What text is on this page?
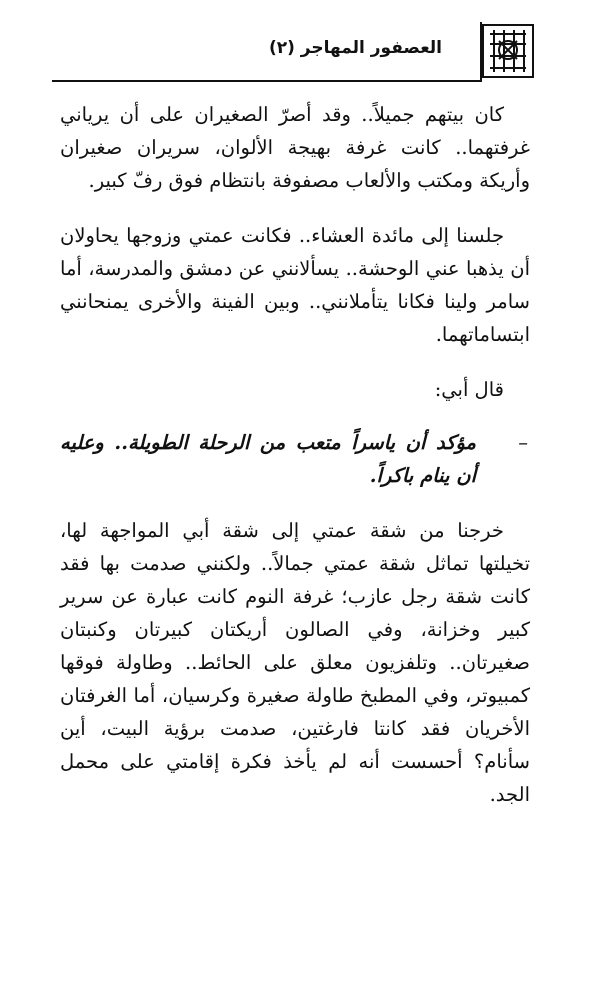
العصفور المهاجر (٢)

كان بيتهم جميلاً.. وقد أصرّ الصغيران على أن يرياني غرفتهما.. كانت غرفة بهيجة الألوان، سريران صغيران وأريكة ومكتب والألعاب مصفوفة بانتظام فوق رفّ كبير.

جلسنا إلى مائدة العشاء.. فكانت عمتي وزوجها يحاولان أن يذهبا عني الوحشة.. يسألانني عن دمشق والمدرسة، أما سامر ولينا فكانا يتأملانني.. وبين الفينة والأخرى يمنحانني ابتساماتهما.

قال أبي:

–
مؤكد أن ياسراً متعب من الرحلة الطويلة.. وعليه أن ينام باكراً.

خرجنا من شقة عمتي إلى شقة أبي المواجهة لها، تخيلتها تماثل شقة عمتي جمالاً.. ولكنني صدمت بها فقد كانت شقة رجل عازب؛ غرفة النوم كانت عبارة عن سرير كبير وخزانة، وفي الصالون أريكتان كبيرتان وكنبتان صغيرتان.. وتلفزيون معلق على الحائط.. وطاولة فوقها كمبيوتر، وفي المطبخ طاولة صغيرة وكرسيان، أما الغرفتان الأخريان فقد كانتا فارغتين، صدمت برؤية البيت، أين سأنام؟ أحسست أنه لم يأخذ فكرة إقامتي على محمل الجد.
